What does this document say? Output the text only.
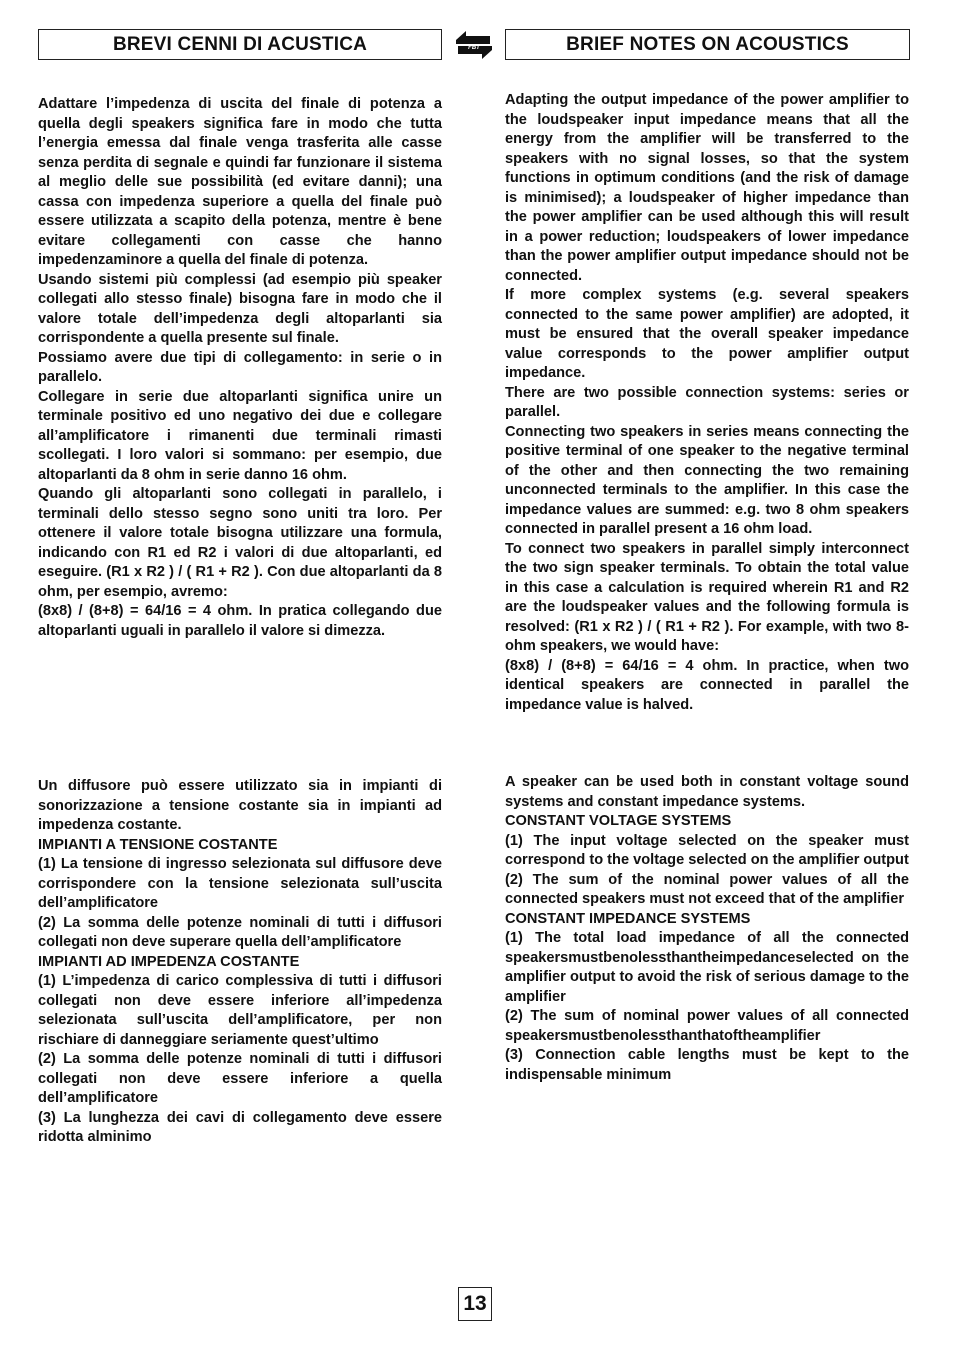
BREVI CENNI DI ACUSTICA	FBT	BRIEF NOTES ON ACOUSTICS

Adattare l’impedenza di uscita del finale di potenza a quella degli speakers significa fare in modo che tutta l’energia emessa dal finale venga trasferita alle casse senza perdita di segnale e quindi far funzionare il sistema al meglio delle sue possibilità (ed evitare danni); una cassa con impedenza superiore a quella del finale può essere utilizzata a scapito della potenza, mentre è bene evitare collegamenti con casse che hanno impedenzaminore a quella del finale di potenza.

Usando sistemi più complessi (ad esempio più speaker collegati allo stesso finale) bisogna fare in modo che il valore totale dell’impedenza degli altoparlanti sia corrispondente a quella presente sul finale.

Possiamo avere due tipi di collegamento: in serie o in parallelo.

Collegare in serie due altoparlanti significa unire un terminale positivo ed uno negativo dei due e collegare all’amplificatore i rimanenti due terminali rimasti scollegati. I loro valori si sommano: per esempio, due altoparlanti da 8 ohm in serie danno 16 ohm.

Quando gli altoparlanti sono collegati in parallelo, i terminali dello stesso segno sono uniti tra loro. Per ottenere il valore totale bisogna utilizzare una formula, indicando con R1 ed R2 i valori di due altoparlanti, ed eseguire. (R1 x R2 ) / ( R1 + R2 ). Con due altoparlanti da 8 ohm, per esempio, avremo:

(8x8) / (8+8) = 64/16 = 4 ohm. In pratica collegando due altoparlanti uguali in parallelo il valore si dimezza.

Adapting the output impedance of the power amplifier to the loudspeaker input impedance means that all the energy from the amplifier will be transferred to the speakers with no signal losses, so that the system functions in optimum conditions (and the risk of damage is minimised); a loudspeaker of higher impedance than the power amplifier can be used although this will result in a power reduction; loudspeakers of lower impedance than the power amplifier output impedance should not be connected.

If more complex systems (e.g. several speakers connected to the same power amplifier) are adopted, it must be ensured that the overall speaker impedance value corresponds to the power amplifier output impedance.

There are two possible connection systems: series or parallel.

Connecting two speakers in series means connecting the positive terminal of one speaker to the negative terminal of the other and then connecting the two remaining unconnected terminals to the amplifier. In this case the impedance values are summed: e.g. two 8 ohm speakers connected in parallel present a 16 ohm load.

To connect two speakers in parallel simply interconnect the two sign speaker terminals. To obtain the total value in this case a calculation is required wherein R1 and R2 are the loudspeaker values and the following formula is resolved: (R1 x R2 ) / ( R1 + R2 ). For example, with two 8-ohm speakers, we would have:

(8x8) / (8+8) = 64/16 = 4 ohm. In practice, when two identical speakers are connected in parallel the impedance value is halved.

Un diffusore può essere utilizzato sia in impianti di sonorizzazione a tensione costante sia in impianti ad impedenza costante.

IMPIANTI A TENSIONE COSTANTE

(1) La tensione di ingresso selezionata sul diffusore deve corrispondere con la tensione selezionata sull’uscita dell’amplificatore

(2) La somma delle potenze nominali di tutti i diffusori collegati non deve superare quella dell’amplificatore

IMPIANTI AD IMPEDENZA COSTANTE

(1) L’impedenza di carico complessiva di tutti i diffusori collegati non deve essere inferiore all’impedenza selezionata sull’uscita dell’amplificatore, per non rischiare di danneggiare seriamente quest’ultimo

(2) La somma delle potenze nominali di tutti i diffusori collegati non deve essere inferiore a quella dell’amplificatore

(3) La lunghezza dei cavi di collegamento deve essere ridotta alminimo

A speaker can be used both in constant voltage sound systems and constant impedance systems.

CONSTANT VOLTAGE SYSTEMS

(1) The input voltage selected on the speaker must correspond to the voltage selected on the amplifier output

(2) The sum of the nominal power values of all the connected speakers must not exceed that of the amplifier

CONSTANT IMPEDANCE SYSTEMS

(1) The total load impedance of all the connected speakersmustbenolessthantheimpedanceselected on the amplifier output to avoid the risk of serious damage to the amplifier

(2) The sum of nominal power values of all connected speakersmustbenolessthanthatoftheamplifier

(3) Connection cable lengths must be kept to the indispensable minimum

13
